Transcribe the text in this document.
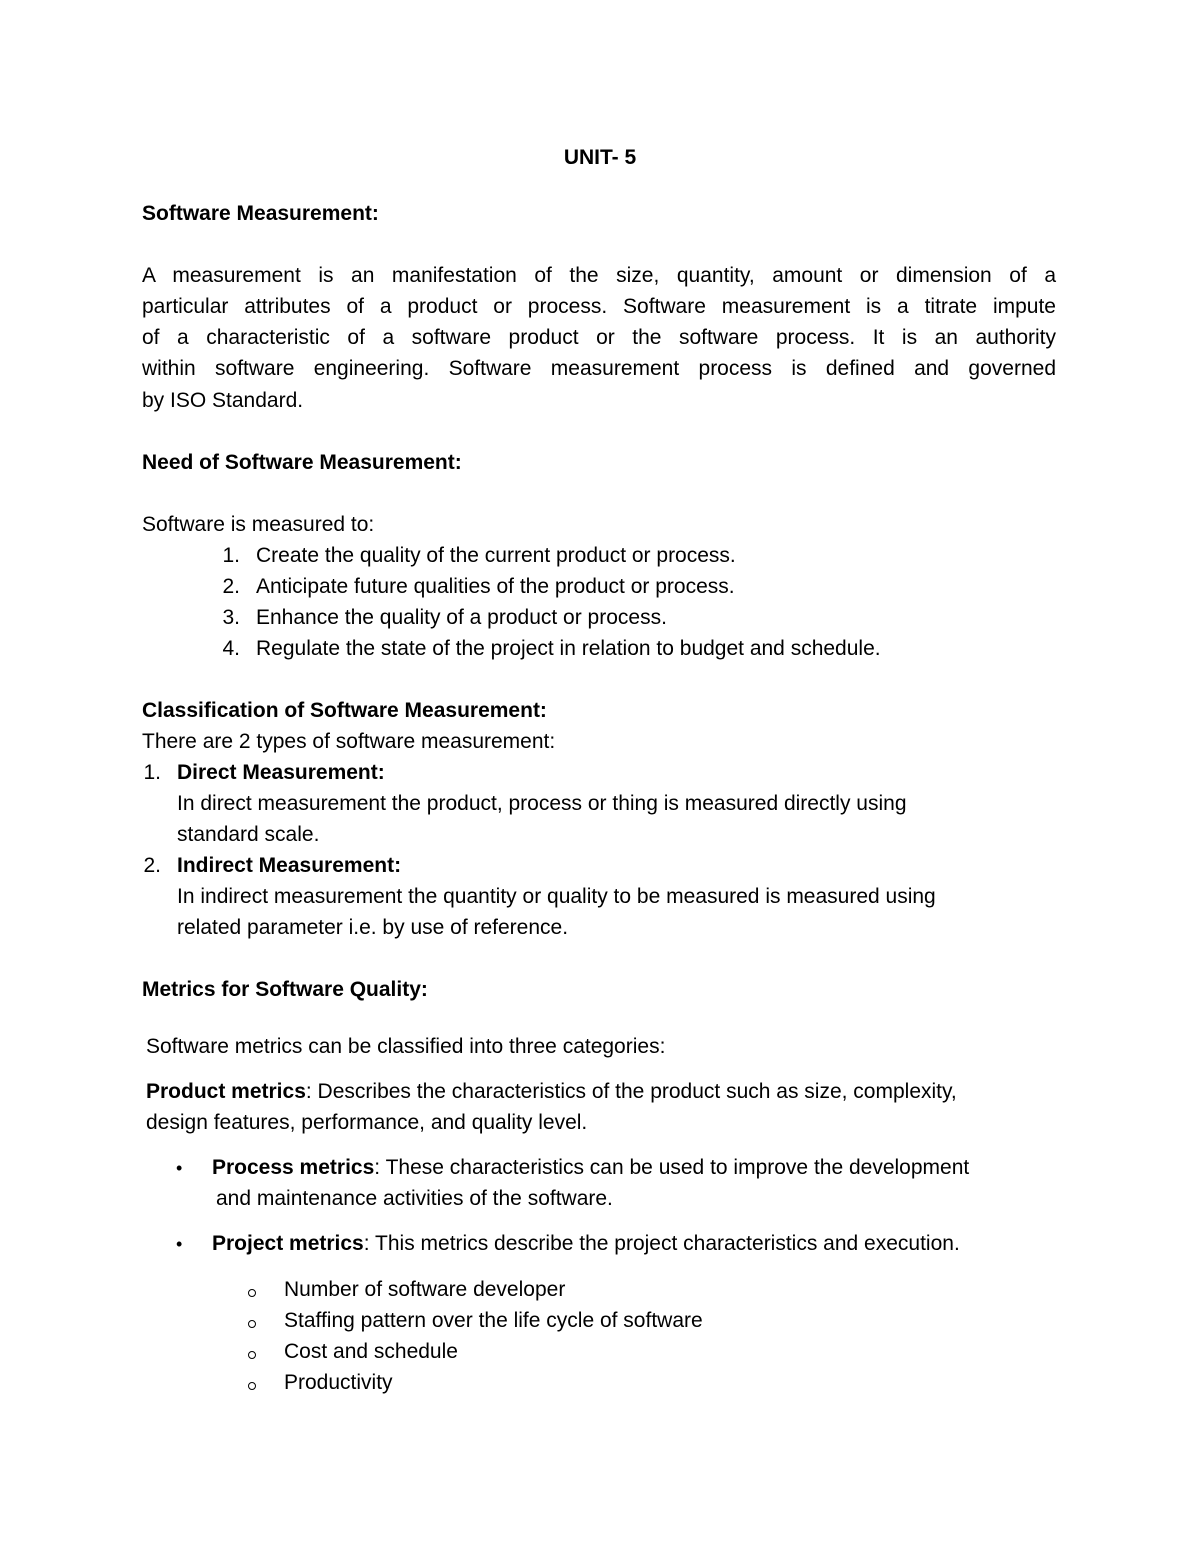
UNIT- 5
Software Measurement:
A measurement is an manifestation of the size, quantity, amount or dimension of a
particular attributes of a product or process. Software measurement is a titrate impute
of a characteristic of a software product or the software process. It is an authority
within software engineering. Software measurement process is defined and governed
by ISO Standard.
Need of Software Measurement:
Software is measured to:
1. Create the quality of the current product or process.
2. Anticipate future qualities of the product or process.
3. Enhance the quality of a product or process.
4. Regulate the state of the project in relation to budget and schedule.
Classification of Software Measurement:
There are 2 types of software measurement:
1. Direct Measurement:
In direct measurement the product, process or thing is measured directly using
standard scale.
2. Indirect Measurement:
In indirect measurement the quantity or quality to be measured is measured using
related parameter i.e. by use of reference.
Metrics for Software Quality:
Software metrics can be classified into three categories:
Product metrics: Describes the characteristics of the product such as size, complexity,
design features, performance, and quality level.
• Process metrics: These characteristics can be used to improve the development
and maintenance activities of the software.
• Project metrics: This metrics describe the project characteristics and execution.
Number of software developer
Staffing pattern over the life cycle of software
Cost and schedule
Productivity
